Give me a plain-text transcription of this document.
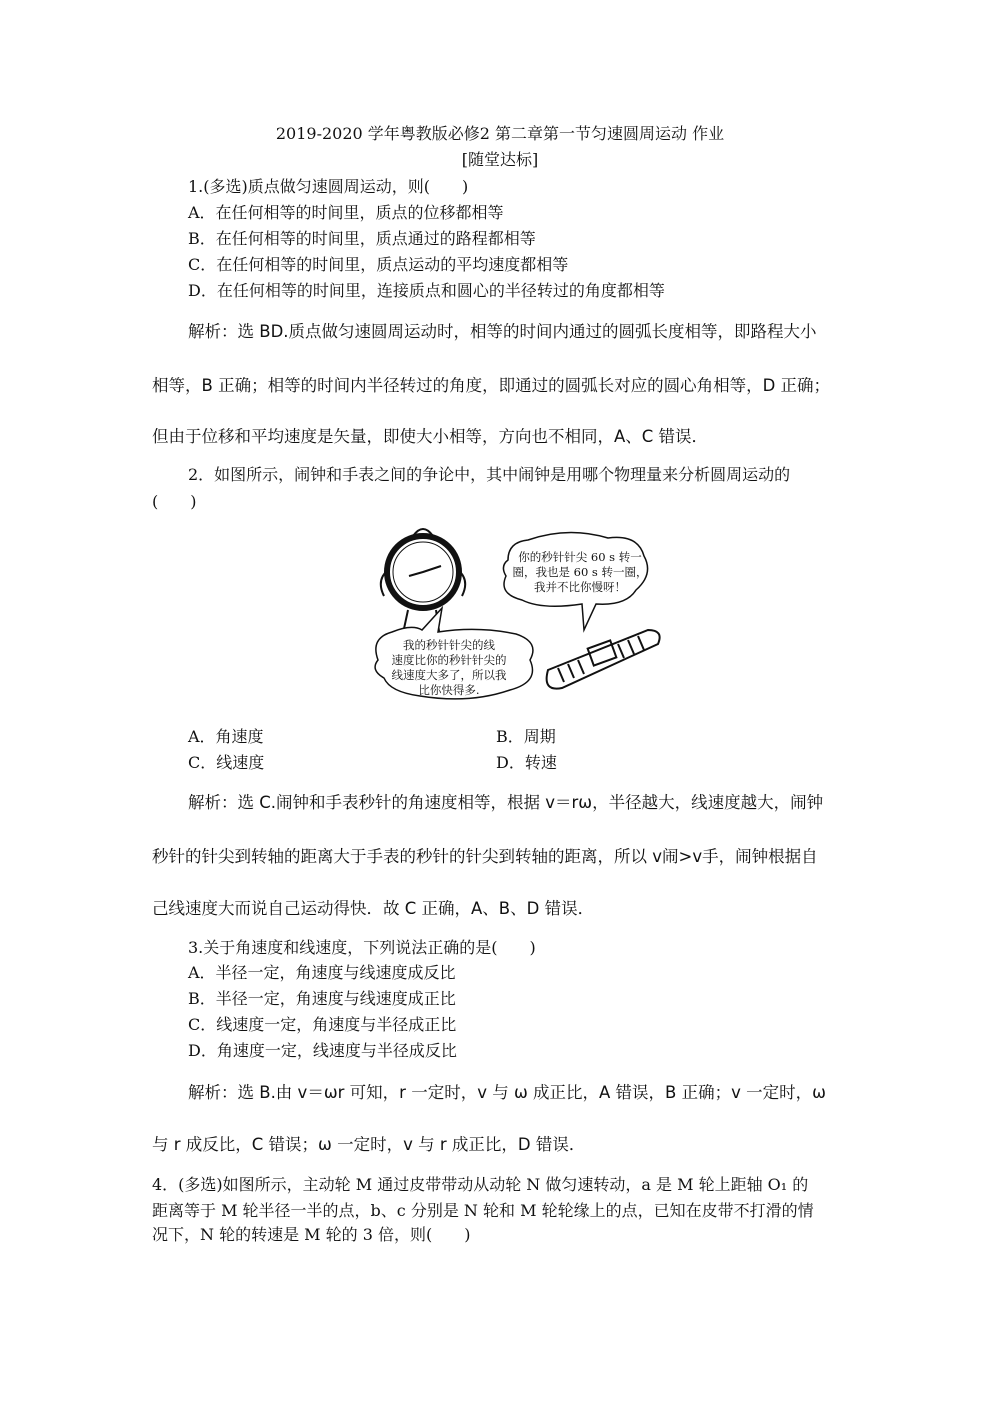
2019-2020 学年粤教版必修2 第二章第一节匀速圆周运动 作业
[随堂达标]
1.(多选)质点做匀速圆周运动，则(　　)
A．在任何相等的时间里，质点的位移都相等
B．在任何相等的时间里，质点通过的路程都相等
C．在任何相等的时间里，质点运动的平均速度都相等
D．在任何相等的时间里，连接质点和圆心的半径转过的角度都相等
解析：选 BD.质点做匀速圆周运动时，相等的时间内通过的圆弧长度相等，即路程大小
相等，B 正确；相等的时间内半径转过的角度，即通过的圆弧长对应的圆心角相等，D 正确；
但由于位移和平均速度是矢量，即使大小相等，方向也不相同，A、C 错误．
2．如图所示，闹钟和手表之间的争论中，其中闹钟是用哪个物理量来分析圆周运动的
(　　)
你的秒针针尖 60 s 转一
圈，我也是 60 s 转一圈，
我并不比你慢呀！
我的秒针针尖的线
速度比你的秒针针尖的
线速度大多了，所以我
比你快得多.
A．角速度	B．周期
C．线速度	D．转速
解析：选 C.闹钟和手表秒针的角速度相等，根据 v＝rω，半径越大，线速度越大，闹钟
秒针的针尖到转轴的距离大于手表的秒针的针尖到转轴的距离，所以 v闹>v手，闹钟根据自
己线速度大而说自己运动得快．故 C 正确，A、B、D 错误．
3.关于角速度和线速度，下列说法正确的是(　　)
A．半径一定，角速度与线速度成反比
B．半径一定，角速度与线速度成正比
C．线速度一定，角速度与半径成正比
D．角速度一定，线速度与半径成反比
解析：选 B.由 v＝ωr 可知，r 一定时，v 与 ω 成正比，A 错误，B 正确；v 一定时，ω
与 r 成反比，C 错误；ω 一定时，v 与 r 成正比，D 错误．
4．(多选)如图所示，主动轮 M 通过皮带带动从动轮 N 做匀速转动，a 是 M 轮上距轴 O₁ 的
距离等于 M 轮半径一半的点，b、c 分别是 N 轮和 M 轮轮缘上的点，已知在皮带不打滑的情
况下，N 轮的转速是 M 轮的 3 倍，则(　　)
